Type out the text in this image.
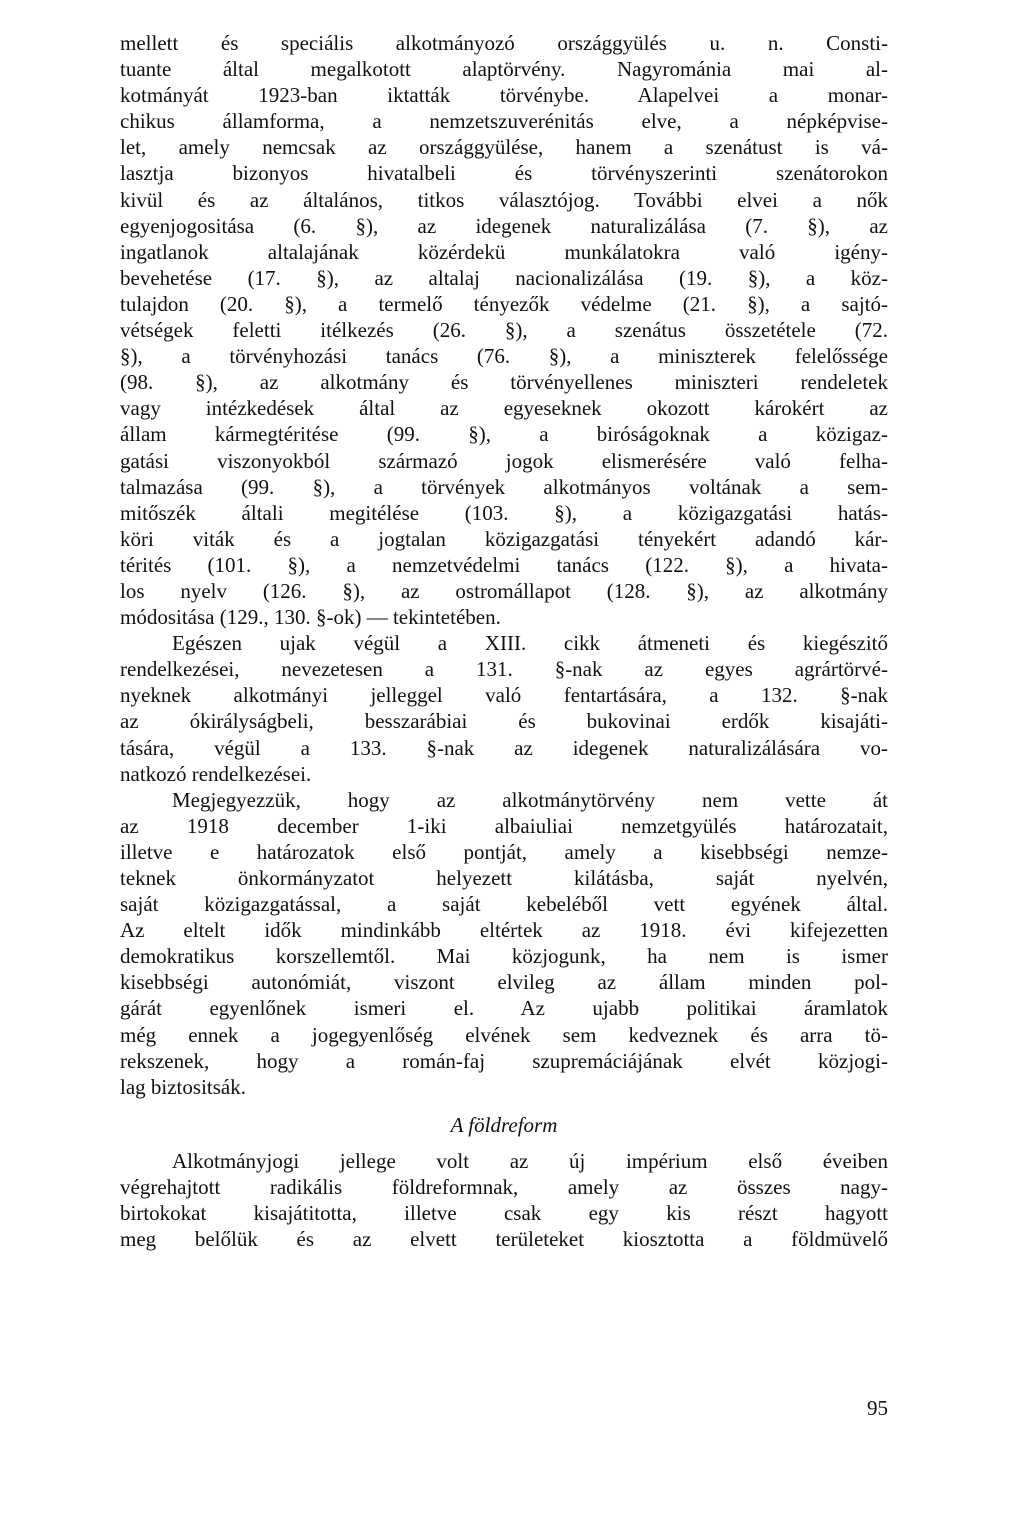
mellett és speciális alkotmányozó országgyülés u. n. Consti-
tuante által megalkotott alaptörvény. Nagyrománia mai al-
kotmányát 1923-ban iktatták törvénybe. Alapelvei a monar-
chikus államforma, a nemzetszuverénitás elve, a népképvise-
let, amely nemcsak az országgyülése, hanem a szenátust is vá-
lasztja bizonyos hivatalbeli és törvényszerinti szenátorokon
kivül és az általános, titkos választójog. További elvei a nők
egyenjogositása (6. §), az idegenek naturalizálása (7. §), az
ingatlanok altalajának közérdekü munkálatokra való igény-
bevehetése (17. §), az altalaj nacionalizálása (19. §), a köz-
tulajdon (20. §), a termelő tényezők védelme (21. §), a sajtó-
vétségek feletti itélkezés (26. §), a szenátus összetétele (72.
§), a törvényhozási tanács (76. §), a miniszterek felelőssége
(98. §), az alkotmány és törvényellenes miniszteri rendeletek
vagy intézkedések által az egyeseknek okozott károkért az
állam kármegtéritése (99. §), a biróságoknak a közigaz-
gatási viszonyokból származó jogok elismerésére való felha-
talmazása (99. §), a törvények alkotmányos voltának a sem-
mitőszék általi megitélése (103. §), a közigazgatási hatás-
köri viták és a jogtalan közigazgatási tényekért adandó kár-
térités (101. §), a nemzetvédelmi tanács (122. §), a hivata-
los nyelv (126. §), az ostromállapot (128. §), az alkotmány
módositása (129., 130. §-ok) — tekintetében.
Egészen ujak végül a XIII. cikk átmeneti és kiegészitő
rendelkezései, nevezetesen a 131. §-nak az egyes agrártörvé-
nyeknek alkotmányi jelleggel való fentartására, a 132. §-nak
az ókirályságbeli, besszarábiai és bukovinai erdők kisajáti-
tására, végül a 133. §-nak az idegenek naturalizálására vo-
natkozó rendelkezései.
Megjegyezzük, hogy az alkotmánytörvény nem vette át
az 1918 december 1-iki albaiuliai nemzetgyülés határozatait,
illetve e határozatok első pontját, amely a kisebbségi nemze-
teknek önkormányzatot helyezett kilátásba, saját nyelvén,
saját közigazgatással, a saját kebeléből vett egyének által.
Az eltelt idők mindinkább eltértek az 1918. évi kifejezetten
demokratikus korszellemtől. Mai közjogunk, ha nem is ismer
kisebbségi autonómiát, viszont elvileg az állam minden pol-
gárát egyenlőnek ismeri el. Az ujabb politikai áramlatok
még ennek a jogegyenlőség elvének sem kedveznek és arra tö-
rekszenek, hogy a román-faj szupremáciájának elvét közjogi-
lag biztositsák.
A földreform
Alkotmányjogi jellege volt az új impérium első éveiben
végrehajtott radikális földreformnak, amely az összes nagy-
birtokokat kisajátitotta, illetve csak egy kis részt hagyott
meg belőlük és az elvett területeket kiosztotta a földmüvelő
95
